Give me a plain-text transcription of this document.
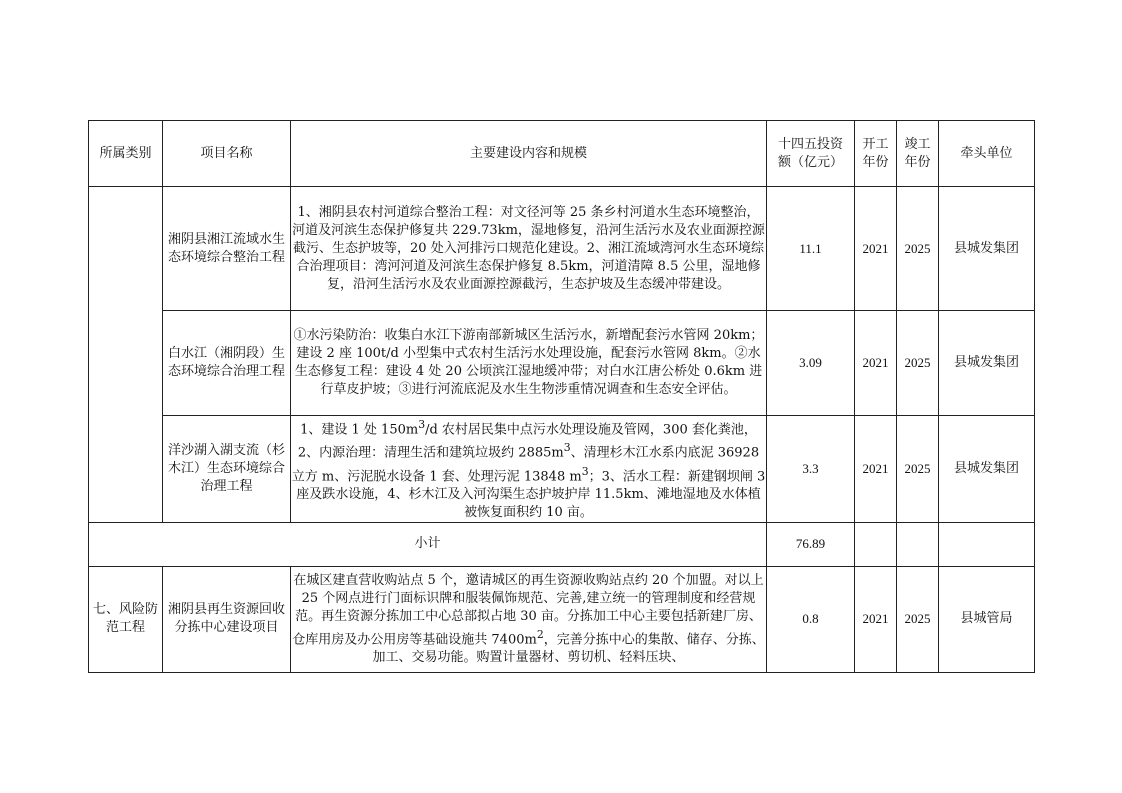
所属类别	项目名称	主要建设内容和规模	十四五投资额（亿元）	开工年份	竣工年份	牵头单位
	湘阴县湘江流域水生态环境综合整治工程	1、湘阴县农村河道综合整治工程：对文径河等 25 条乡村河道水生态环境整治，河道及河滨生态保护修复共 229.73km，湿地修复，沿河生活污水及农业面源控源截污、生态护坡等，20 处入河排污口规范化建设。2、湘江流域湾河水生态环境综合治理项目：湾河河道及河滨生态保护修复 8.5km，河道清障 8.5 公里，湿地修复，沿河生活污水及农业面源控源截污，生态护坡及生态缓冲带建设。	11.1	2021	2025	县城发集团
	白水江（湘阴段）生态环境综合治理工程	①水污染防治：收集白水江下游南部新城区生活污水，新增配套污水管网 20km；建设 2 座 100t/d 小型集中式农村生活污水处理设施，配套污水管网 8km。②水生态修复工程：建设 4 处 20 公顷滨江湿地缓冲带；对白水江唐公桥处 0.6km 进行草皮护坡；③进行河流底泥及水生生物涉重情况调查和生态安全评估。	3.09	2021	2025	县城发集团
	洋沙湖入湖支流（杉木江）生态环境综合治理工程	1、建设 1 处 $150m^3/d$ 农村居民集中点污水处理设施及管网，300 套化粪池，2、内源治理：清理生活和建筑垃圾约 $2885m^3$、清理杉木江水系内底泥 36928 立方 m、污泥脱水设备 1 套、处理污泥 13848 $m^3$；3、活水工程：新建钢坝闸 3 座及跌水设施，4、杉木江及入河沟渠生态护坡护岸 11.5km、滩地湿地及水体植被恢复面积约 10 亩。	3.3	2021	2025	县城发集团
小计			76.89			
七、风险防范工程	湘阴县再生资源回收分拣中心建设项目	在城区建直营收购站点 5 个，邀请城区的再生资源收购站点约 20 个加盟。对以上 25 个网点进行门面标识牌和服装佩饰规范、完善,建立统一的管理制度和经营规范。再生资源分拣加工中心总部拟占地 30 亩。分拣加工中心主要包括新建厂房、仓库用房及办公用房等基础设施共 $7400m^2$，完善分拣中心的集散、储存、分拣、加工、交易功能。购置计量器材、剪切机、轻料压块、	0.8	2021	2025	县城管局
